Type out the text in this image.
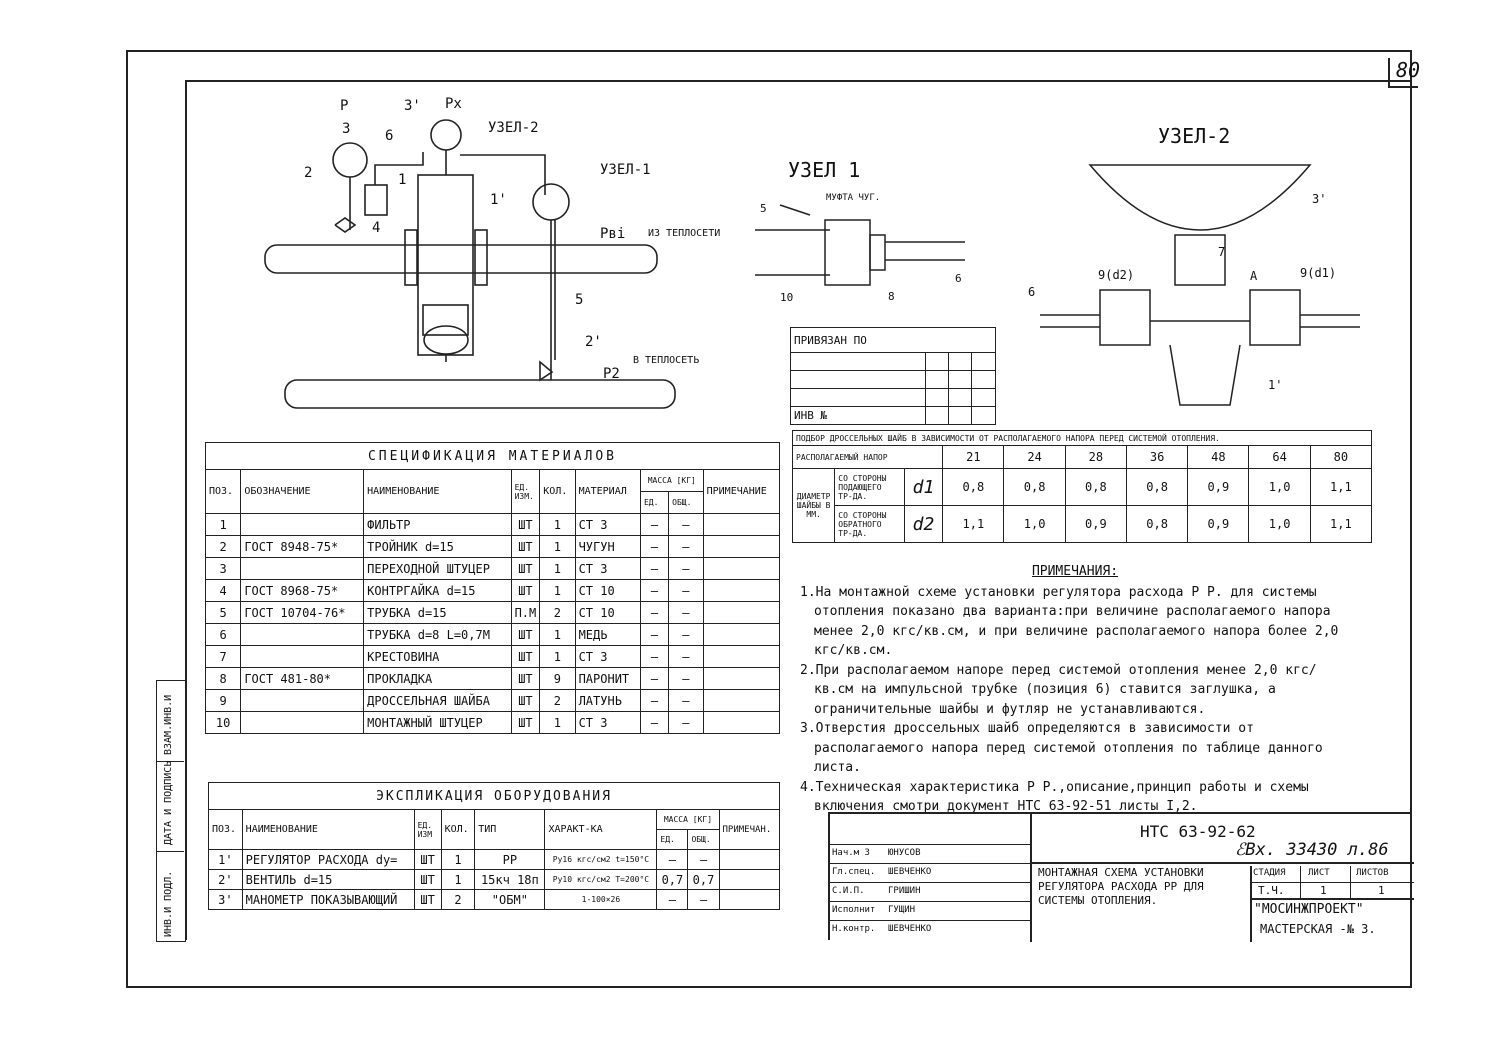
80
ИНВ.И ПОДЛ.
ДАТА И ПОДПИСЬ
ВЗАМ.ИНВ.И
3
2
P	3' Px
6	УЗЕЛ-2
1
УЗЕЛ-1
1'
4	Pвi ИЗ ТЕПЛОСЕТИ
5
2'
В ТЕПЛОСЕТЬ
P2
УЗЕЛ 1
МУФТА ЧУГ.
5
6
8
10
УЗЕЛ-2
3'
7
А
9(d2)	9(d1)
6
1'
ПРИВЯЗАН ПО			

ИНВ №			
СПЕЦИФИКАЦИЯ МАТЕРИАЛОВ								
ПОЗ.	ОБОЗНАЧЕНИЕ	НАИМЕНОВАНИЕ	ЕД. ИЗМ.	КОЛ.	МАТЕРИАЛ	МАССА [КГ]		ПРИМЕЧАНИЕ
						ЕД.	ОБЩ.	
1		ФИЛЬТР	ШТ	1	СТ 3	—	—	
2	ГОСТ 8948-75*	ТРОЙНИК d=15	ШТ	1	ЧУГУН	—	—	
3		ПЕРЕХОДНОЙ ШТУЦЕР	ШТ	1	СТ 3	—	—	
4	ГОСТ 8968-75*	КОНТРГАЙКА d=15	ШТ	1	СТ 10	—	—	
5	ГОСТ 10704-76*	ТРУБКА d=15	П.М	2	СТ 10	—	—	
6		ТРУБКА d=8 L=0,7М	ШТ	1	МЕДЬ	—	—	
7		КРЕСТОВИНА	ШТ	1	СТ 3	—	—	
8	ГОСТ 481-80*	ПРОКЛАДКА	ШТ	9	ПАРОНИТ	—	—	
9		ДРОССЕЛЬНАЯ ШАЙБА	ШТ	2	ЛАТУНЬ	—	—	
10		МОНТАЖНЫЙ ШТУЦЕР	ШТ	1	СТ 3	—	—	
ЭКСПЛИКАЦИЯ ОБОРУДОВАНИЯ								
ПОЗ.	НАИМЕНОВАНИЕ	ЕД. ИЗМ	КОЛ.	ТИП	ХАРАКТ-КА	МАССА [КГ]		ПРИМЕЧАН.
						ЕД.	ОБЩ.	
1'	РЕГУЛЯТОР РАСХОДА dу=	ШТ	1	РР	Ру16 кгс/см2 t=150°С	—	—	
2'	ВЕНТИЛЬ d=15	ШТ	1	15кч 18п	Ру10 кгс/см2 Т=200°С	0,7	0,7	
3'	МАНОМЕТР ПОКАЗЫВАЮЩИЙ	ШТ	2	"ОБМ"	1-100×26	—	—	
ПОДБОР ДРОССЕЛЬНЫХ ШАЙБ В ЗАВИСИМОСТИ ОТ РАСПОЛАГАЕМОГО НАПОРА ПЕРЕД СИСТЕМОЙ ОТОПЛЕНИЯ.									
РАСПОЛАГАЕМЫЙ НАПОР			21	24	28	36	48	64	80
ДИАМЕТР ШАЙБЫ В ММ.	СО СТОРОНЫ ПОДАЮЩЕГО ТР-ДА.	d1	0,8	0,8	0,8	0,8	0,9	1,0	1,1
	СО СТОРОНЫ ОБРАТНОГО ТР-ДА.	d2	1,1	1,0	0,9	0,8	0,9	1,0	1,1
ПРИМЕЧАНИЯ:

1.На монтажной схеме установки регулятора расхода Р Р. для системы отопления показано два варианта:при величине располагаемого напора менее 2,0 кгс/кв.см, и при величине располагаемого напора более 2,0 кгс/кв.см.

2.При располагаемом напоре перед системой отопления менее 2,0 кгс/кв.см на импульсной трубке (позиция 6) ставится заглушка, а ограничительные шайбы и футляр не устанавливаются.

3.Отверстия дроссельных шайб определяются в зависимости от располагаемого напора перед системой отопления по таблице данного листа.

4.Техническая характеристика Р Р.,описание,принцип работы и схемы включения смотри документ НТС 63-92-51 листы I,2.

НТС 63-92-62
ℰВх. 33430 л.86
МОНТАЖНАЯ СХЕМА УСТАНОВКИ РЕГУЛЯТОРА РАСХОДА РР ДЛЯ СИСТЕМЫ ОТОПЛЕНИЯ.
СТАДИЯ ЛИСТ	ЛИСТОВ
Т.Ч.	1	1
"МОСИНЖПРОЕКТ"
МАСТЕРСКАЯ -№ 3.
Нач.м 3 ЮНУСОВ
Гл.спец. ШЕВЧЕНКО
С.И.П.	ГРИШИН
Исполнит ГУЩИН
Н.контр. ШЕВЧЕНКО
